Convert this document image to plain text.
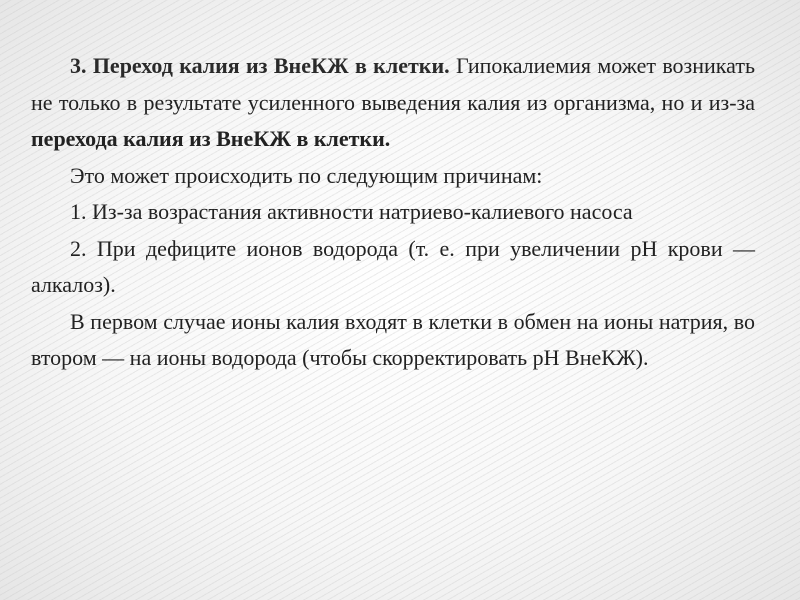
3. Переход калия из ВнеКЖ в клетки. Гипокалиемия может возникать не только в результате усиленного выведения калия из организма, но и из-за перехода калия из ВнеКЖ в клетки.

Это может происходить по следующим причинам:

1. Из-за возрастания активности натриево-калиевого насоса

2. При дефиците ионов водорода (т. е. при увеличении рН крови — алкалоз).

В первом случае ионы калия входят в клетки в обмен на ионы натрия, во втором — на ионы водорода (чтобы скорректировать рН ВнеКЖ).
